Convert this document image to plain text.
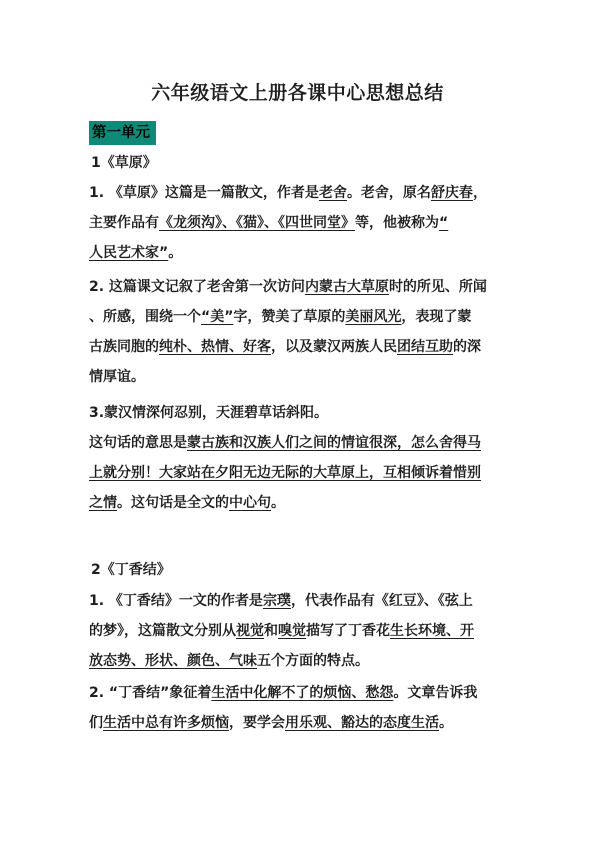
六年级语文上册各课中心思想总结
第一单元
1《草原》
1. 《草原》这篇是一篇散文，作者是老舍。老舍，原名舒庆春，
主要作品有《龙须沟》、《猫》、《四世同堂》等，他被称为“
人民艺术家”。
2. 这篇课文记叙了老舍第一次访问内蒙古大草原时的所见、所闻
、所感，围绕一个“美”字，赞美了草原的美丽风光，表现了蒙
古族同胞的纯朴、热情、好客，以及蒙汉两族人民团结互助的深
情厚谊。
3.蒙汉情深何忍别，天涯碧草话斜阳。
这句话的意思是蒙古族和汉族人们之间的情谊很深，怎么舍得马
上就分别！大家站在夕阳无边无际的大草原上，互相倾诉着惜别
之情。这句话是全文的中心句。
2《丁香结》
1. 《丁香结》一文的作者是宗璞，代表作品有《红豆》、《弦上
的梦》，这篇散文分别从视觉和嗅觉描写了丁香花生长环境、开
放态势、形状、颜色、气味五个方面的特点。
2. “丁香结”象征着生活中化解不了的烦恼、愁怨。文章告诉我
们生活中总有许多烦恼，要学会用乐观、豁达的态度生活。
